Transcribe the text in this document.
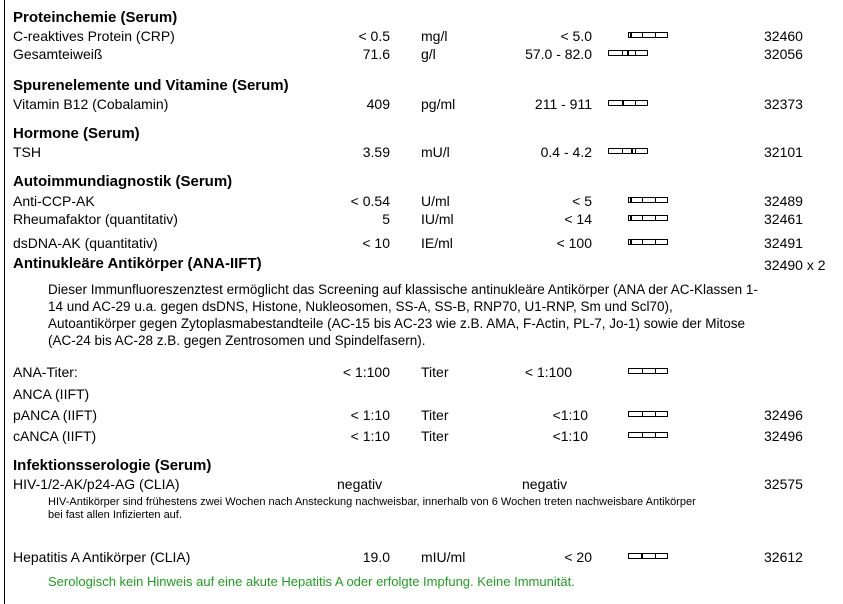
Proteinchemie (Serum)
C-reaktives Protein (CRP)	< 0.5 mg/l	< 5.0	32460
Gesamteiweiß	71.6 g/l	57.0 - 82.0	32056
Spurenelemente und Vitamine (Serum)
Vitamin B12 (Cobalamin)	409 pg/ml	211 - 911	32373
Hormone (Serum)
TSH	3.59 mU/l	0.4 - 4.2	32101
Autoimmundiagnostik (Serum)
Anti-CCP-AK	< 0.54 U/ml	< 5	32489
Rheumafaktor (quantitativ)	5 IU/ml	< 14	32461
dsDNA-AK (quantitativ)	< 10 IE/ml	< 100	32491
Antinukleäre Antikörper (ANA-IIFT)	32490 x 2
Dieser Immunfluoreszenztest ermöglicht das Screening auf klassische antinukleäre Antikörper (ANA der AC-Klassen 1-14 und AC-29 u.a. gegen dsDNS, Histone, Nukleosomen, SS-A, SS-B, RNP70, U1-RNP, Sm und Scl70), Autoantikörper gegen Zytoplasmabestandteile (AC-15 bis AC-23 wie z.B. AMA, F-Actin, PL-7, Jo-1) sowie der Mitose (AC-24 bis AC-28 z.B. gegen Zentrosomen und Spindelfasern).
ANA-Titer:	< 1:100 Titer	< 1:100
ANCA (IIFT)
pANCA (IIFT)	< 1:10 Titer	<1:10	32496
cANCA (IIFT)	< 1:10 Titer	<1:10	32496
Infektionsserologie (Serum)
HIV-1/2-AK/p24-AG (CLIA)	negativ	negativ	32575
HIV-Antikörper sind frühestens zwei Wochen nach Ansteckung nachweisbar, innerhalb von 6 Wochen treten nachweisbare Antikörper bei fast allen Infizierten auf.
Hepatitis A Antikörper (CLIA)	19.0 mIU/ml	< 20	32612
Serologisch kein Hinweis auf eine akute Hepatitis A oder erfolgte Impfung. Keine Immunität.
